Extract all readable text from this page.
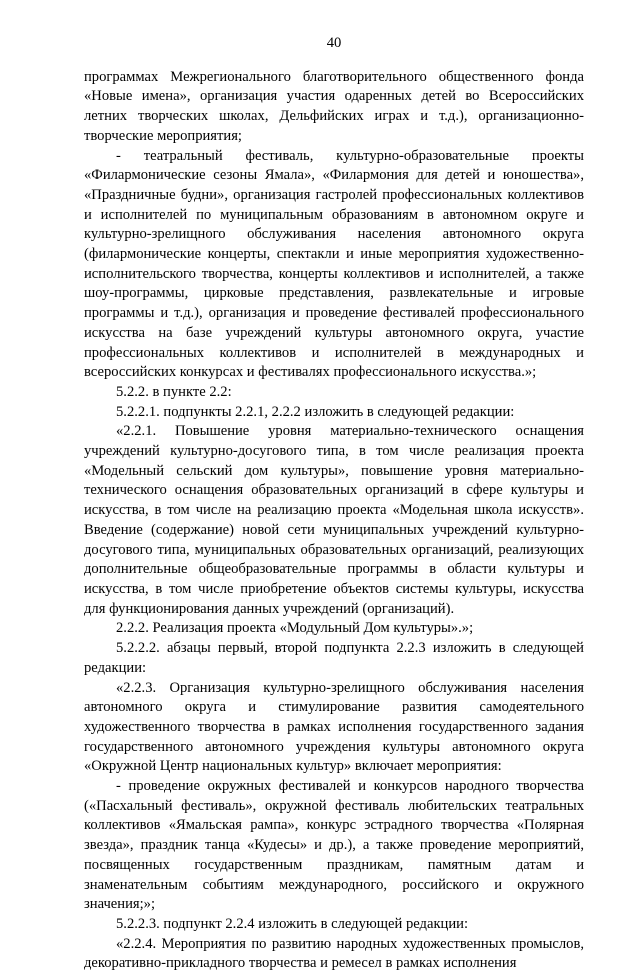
40

программах Межрегионального благотворительного общественного фонда «Новые имена», организация участия одаренных детей во Всероссийских летних творческих школах, Дельфийских играх и т.д.), организационно-творческие мероприятия;

- театральный фестиваль, культурно-образовательные проекты «Филармонические сезоны Ямала», «Филармония для детей и юношества», «Праздничные будни», организация гастролей профессиональных коллективов и исполнителей по муниципальным образованиям в автономном округе и культурно-зрелищного обслуживания населения автономного округа (филармонические концерты, спектакли и иные мероприятия художественно-исполнительского творчества, концерты коллективов и исполнителей, а также шоу-программы, цирковые представления, развлекательные и игровые программы и т.д.), организация и проведение фестивалей профессионального искусства на базе учреждений культуры автономного округа, участие профессиональных коллективов и исполнителей в международных и всероссийских конкурсах и фестивалях профессионального искусства.»;

5.2.2. в пункте 2.2:

5.2.2.1. подпункты 2.2.1, 2.2.2 изложить в следующей редакции:

«2.2.1. Повышение уровня материально-технического оснащения учреждений культурно-досугового типа, в том числе реализация проекта «Модельный сельский дом культуры», повышение уровня материально-технического оснащения образовательных организаций в сфере культуры и искусства, в том числе на реализацию проекта «Модельная школа искусств». Введение (содержание) новой сети муниципальных учреждений культурно-досугового типа, муниципальных образовательных организаций, реализующих дополнительные общеобразовательные программы в области культуры и искусства, в том числе приобретение объектов системы культуры, искусства для функционирования данных учреждений (организаций).

2.2.2. Реализация проекта «Модульный Дом культуры».»;

5.2.2.2. абзацы первый, второй подпункта 2.2.3 изложить в следующей редакции:

«2.2.3. Организация культурно-зрелищного обслуживания населения автономного округа и стимулирование развития самодеятельного художественного творчества в рамках исполнения государственного задания государственного автономного учреждения культуры автономного округа «Окружной Центр национальных культур» включает мероприятия:

- проведение окружных фестивалей и конкурсов народного творчества («Пасхальный фестиваль», окружной фестиваль любительских театральных коллективов «Ямальская рампа», конкурс эстрадного творчества «Полярная звезда», праздник танца «Кудесы» и др.), а также проведение мероприятий, посвященных государственным праздникам, памятным датам и знаменательным событиям международного, российского и окружного значения;»;

5.2.2.3. подпункт 2.2.4 изложить в следующей редакции:

«2.2.4. Мероприятия по развитию народных художественных промыслов, декоративно-прикладного творчества и ремесел в рамках исполнения
